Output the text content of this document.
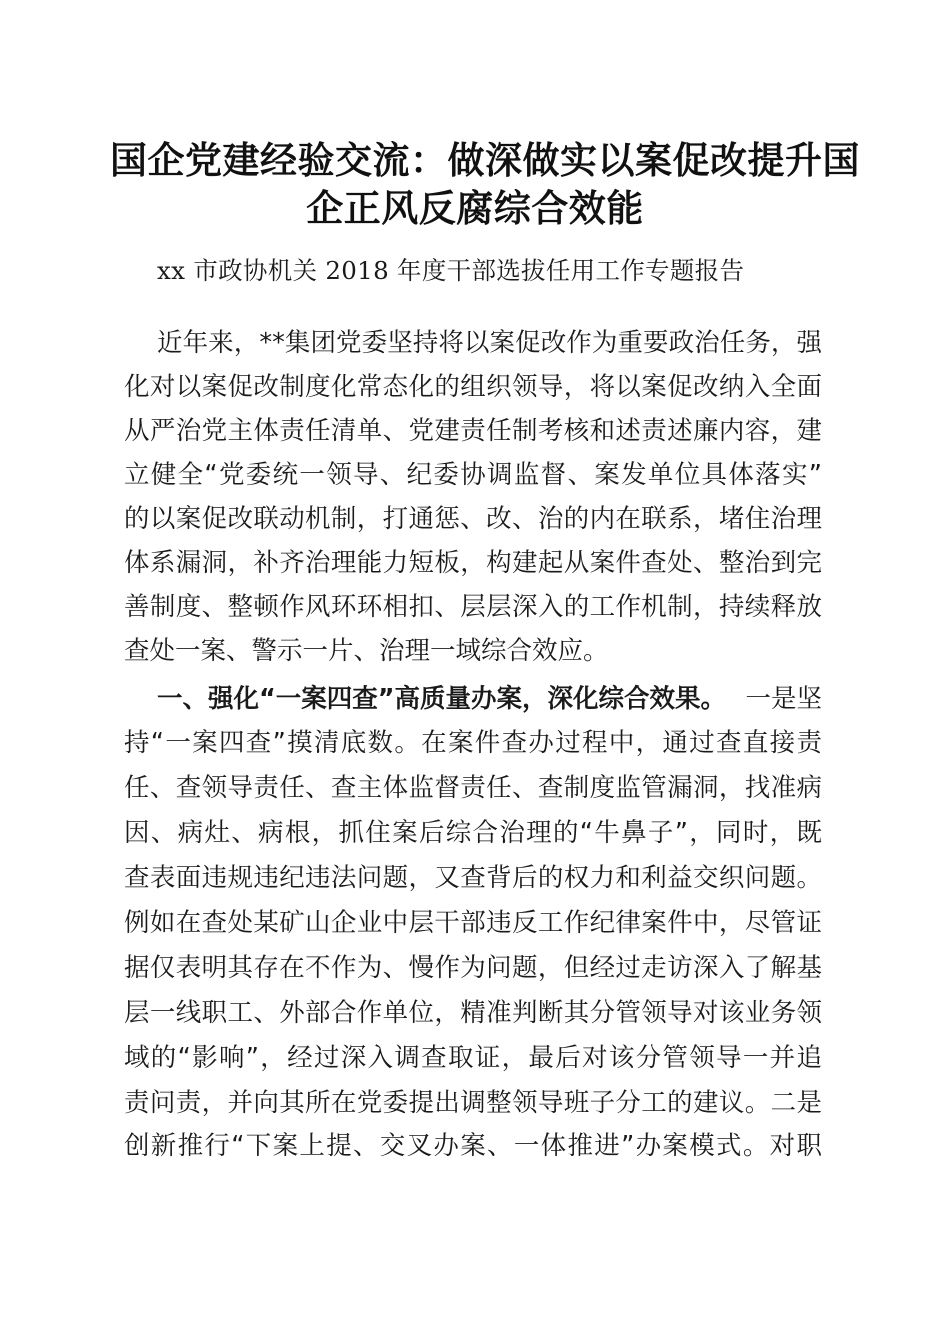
国企党建经验交流：做深做实以案促改提升国
企正风反腐综合效能
xx 市政协机关 2018 年度干部选拔任用工作专题报告
近年来，**集团党委坚持将以案促改作为重要政治任务，强
化对以案促改制度化常态化的组织领导，将以案促改纳入全面
从严治党主体责任清单、党建责任制考核和述责述廉内容，建
立健全“党委统一领导、纪委协调监督、案发单位具体落实”
的以案促改联动机制，打通惩、改、治的内在联系，堵住治理
体系漏洞，补齐治理能力短板，构建起从案件查处、整治到完
善制度、整顿作风环环相扣、层层深入的工作机制，持续释放
查处一案、警示一片、治理一域综合效应。
一、强化“一案四查”高质量办案，深化综合效果。 一是坚
持“一案四查”摸清底数。在案件查办过程中，通过查直接责
任、查领导责任、查主体监督责任、查制度监管漏洞，找准病
因、病灶、病根，抓住案后综合治理的“牛鼻子”，同时，既
查表面违规违纪违法问题，又查背后的权力和利益交织问题。
例如在查处某矿山企业中层干部违反工作纪律案件中，尽管证
据仅表明其存在不作为、慢作为问题，但经过走访深入了解基
层一线职工、外部合作单位，精准判断其分管领导对该业务领
域的“影响”，经过深入调查取证，最后对该分管领导一并追
责问责，并向其所在党委提出调整领导班子分工的建议。二是
创新推行“下案上提、交叉办案、一体推进”办案模式。对职
